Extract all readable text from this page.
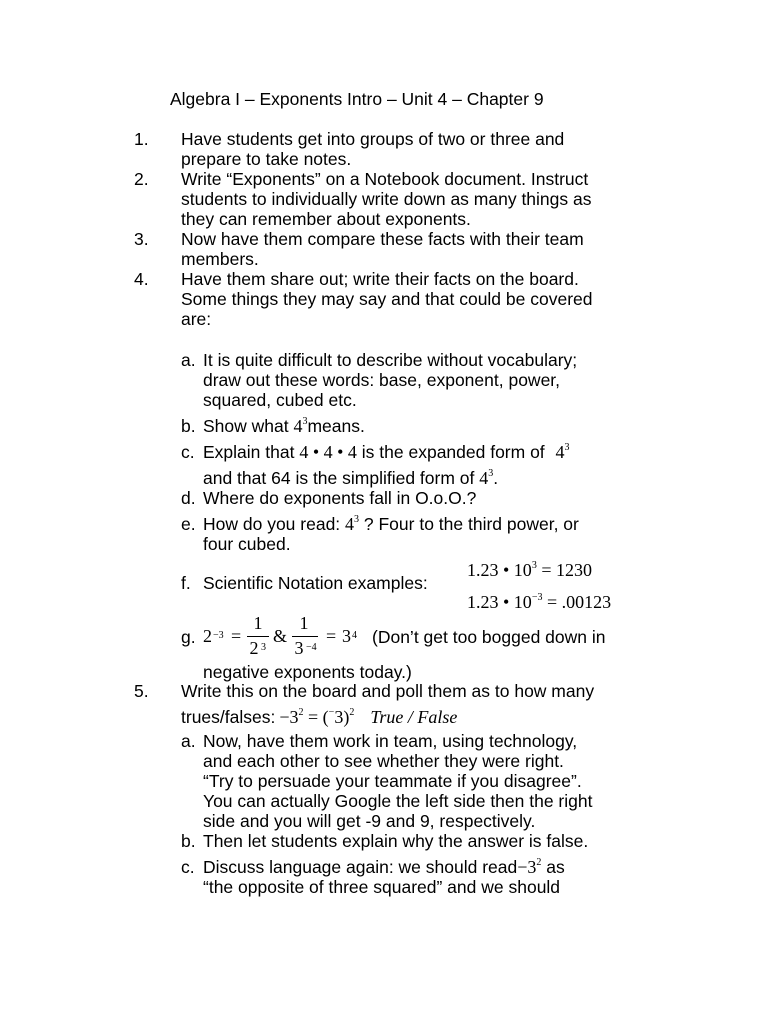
Algebra I – Exponents Intro – Unit 4 – Chapter 9
1. Have students get into groups of two or three and
prepare to take notes.
2. Write “Exponents” on a Notebook document. Instruct
students to individually write down as many things as
they can remember about exponents.
3. Now have them compare these facts with their team
members.
4. Have them share out; write their facts on the board.
Some things they may say and that could be covered
are:
a. It is quite difficult to describe without vocabulary;
draw out these words: base, exponent, power,
squared, cubed etc.
b. Show what $4^3means$.
c. Explain that 4 • 4 • 4 is the expanded form of $4^3$
and that 64 is the simplified form of $4^3$.
d. Where do exponents fall in O.o.O.?
e. How do you read: $4^3$ ? Four to the third power, or
four cubed.
f. Scientific Notation examples:
1.23 • $10^3 = 1230$
1.23 • $10^{-3} = .00123$
g. 2 −3 =
1
2 3
&
1
3 −4
= 3 4 (Don’t get too bogged down in
negative exponents today.)
5. Write this on the board and poll them as to how many
trues/falses: $-3^2 = (^-3)^2$ True / False
a. Now, have them work in team, using technology,
and each other to see whether they were right.
“Try to persuade your teammate if you disagree”.
You can actually Google the left side then the right
side and you will get -9 and 9, respectively.
b. Then let students explain why the answer is false.
c. Discuss language again: we should $read-3^2$ as
“the opposite of three squared” and we should
